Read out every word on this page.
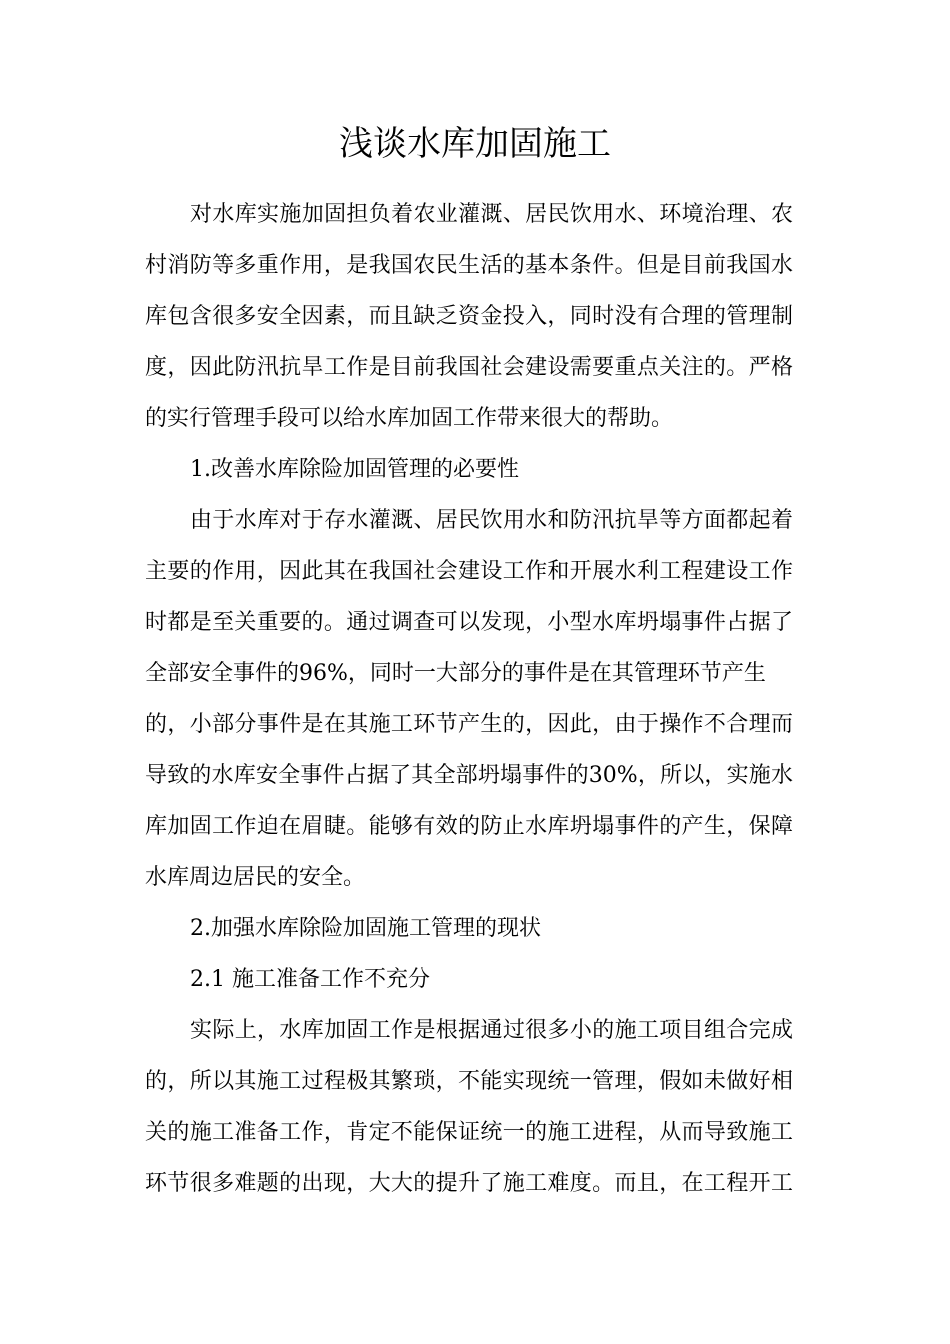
浅谈水库加固施工
对水库实施加固担负着农业灌溉、居民饮用水、环境治理、农
村消防等多重作用，是我国农民生活的基本条件。但是目前我国水
库包含很多安全因素，而且缺乏资金投入，同时没有合理的管理制
度，因此防汛抗旱工作是目前我国社会建设需要重点关注的。严格
的实行管理手段可以给水库加固工作带来很大的帮助。
1.改善水库除险加固管理的必要性
由于水库对于存水灌溉、居民饮用水和防汛抗旱等方面都起着
主要的作用，因此其在我国社会建设工作和开展水利工程建设工作
时都是至关重要的。通过调查可以发现，小型水库坍塌事件占据了
全部安全事件的96%，同时一大部分的事件是在其管理环节产生
的，小部分事件是在其施工环节产生的，因此，由于操作不合理而
导致的水库安全事件占据了其全部坍塌事件的30%，所以，实施水
库加固工作迫在眉睫。能够有效的防止水库坍塌事件的产生，保障
水库周边居民的安全。
2.加强水库除险加固施工管理的现状
2.1 施工准备工作不充分
实际上，水库加固工作是根据通过很多小的施工项目组合完成
的，所以其施工过程极其繁琐，不能实现统一管理，假如未做好相
关的施工准备工作，肯定不能保证统一的施工进程，从而导致施工
环节很多难题的出现，大大的提升了施工难度。而且，在工程开工
